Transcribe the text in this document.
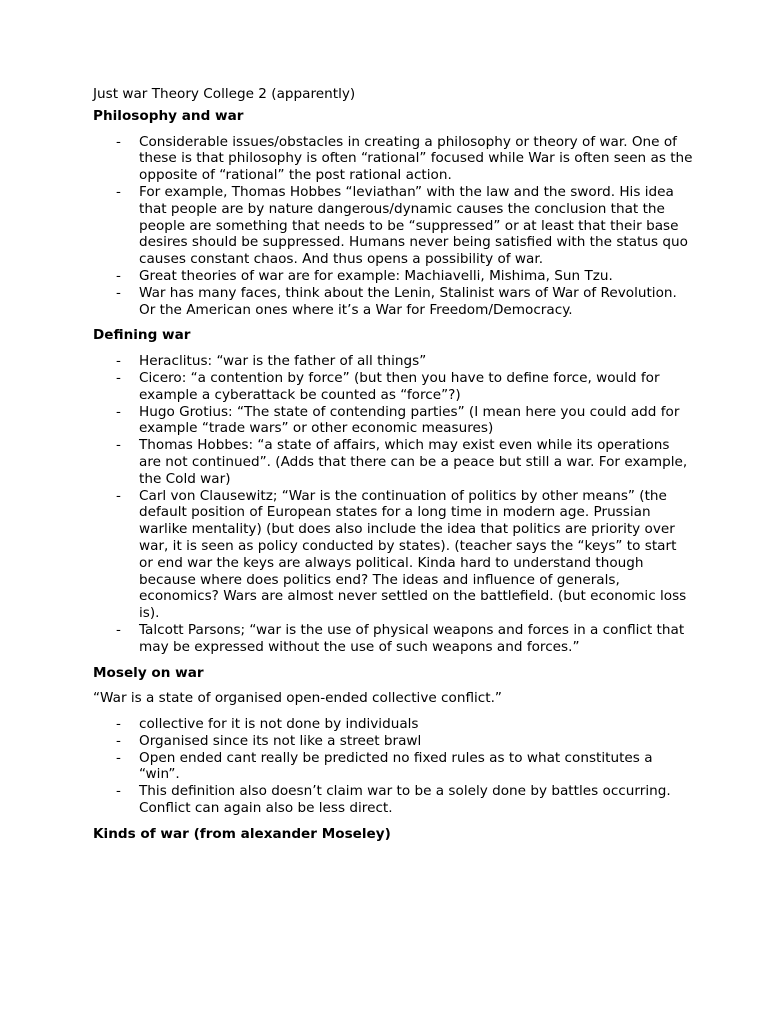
Just war Theory College 2 (apparently)

Philosophy and war

- Considerable issues/obstacles in creating a philosophy or theory of war. One of these is that philosophy is often “rational” focused while War is often seen as the opposite of “rational” the post rational action.
- For example, Thomas Hobbes “leviathan” with the law and the sword. His idea that people are by nature dangerous/dynamic causes the conclusion that the people are something that needs to be “suppressed” or at least that their base desires should be suppressed. Humans never being satisfied with the status quo causes constant chaos. And thus opens a possibility of war.
- Great theories of war are for example: Machiavelli, Mishima, Sun Tzu.
- War has many faces, think about the Lenin, Stalinist wars of War of Revolution. Or the American ones where it’s a War for Freedom/Democracy.

Defining war

- Heraclitus: “war is the father of all things”
- Cicero: “a contention by force” (but then you have to define force, would for example a cyberattack be counted as “force”?)
- Hugo Grotius: “The state of contending parties” (I mean here you could add for example “trade wars” or other economic measures)
- Thomas Hobbes: “a state of affairs, which may exist even while its operations are not continued”. (Adds that there can be a peace but still a war. For example, the Cold war)
- Carl von Clausewitz; “War is the continuation of politics by other means” (the default position of European states for a long time in modern age. Prussian warlike mentality) (but does also include the idea that politics are priority over war, it is seen as policy conducted by states). (teacher says the “keys” to start or end war the keys are always political. Kinda hard to understand though because where does politics end? The ideas and influence of generals, economics? Wars are almost never settled on the battlefield. (but economic loss is).
- Talcott Parsons; “war is the use of physical weapons and forces in a conflict that may be expressed without the use of such weapons and forces.”

Mosely on war

“War is a state of organised open-ended collective conflict.”

- collective for it is not done by individuals
- Organised since its not like a street brawl
- Open ended cant really be predicted no fixed rules as to what constitutes a “win”.
- This definition also doesn’t claim war to be a solely done by battles occurring. Conflict can again also be less direct.

Kinds of war (from alexander Moseley)
